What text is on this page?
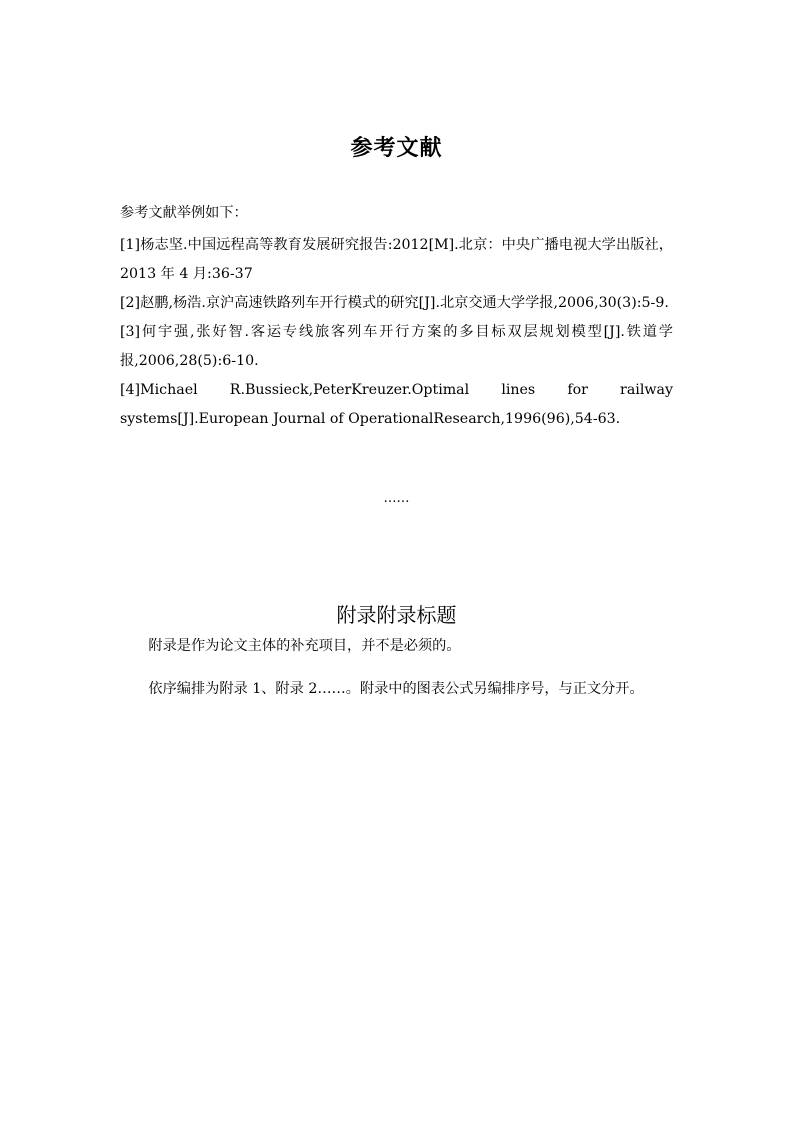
参考文献
参考文献举例如下：

[1]杨志坚.中国远程高等教育发展研究报告:2012[M].北京：中央广播电视大学出版社，2013 年 4 月:36-37

[2]赵鹏,杨浩.京沪高速铁路列车开行模式的研究[J].北京交通大学学报,2006,30(3):5-9.

[3]何宇强,张好智.客运专线旅客列车开行方案的多目标双层规划模型[J].铁道学报,2006,28(5):6-10.

[4]Michael R.Bussieck,PeterKreuzer.Optimal lines for railway systems[J].European Journal of OperationalResearch,1996(96),54-63.

……
附录附录标题

附录是作为论文主体的补充项目，并不是必须的。

依序编排为附录 1、附录 2……。附录中的图表公式另编排序号，与正文分开。
